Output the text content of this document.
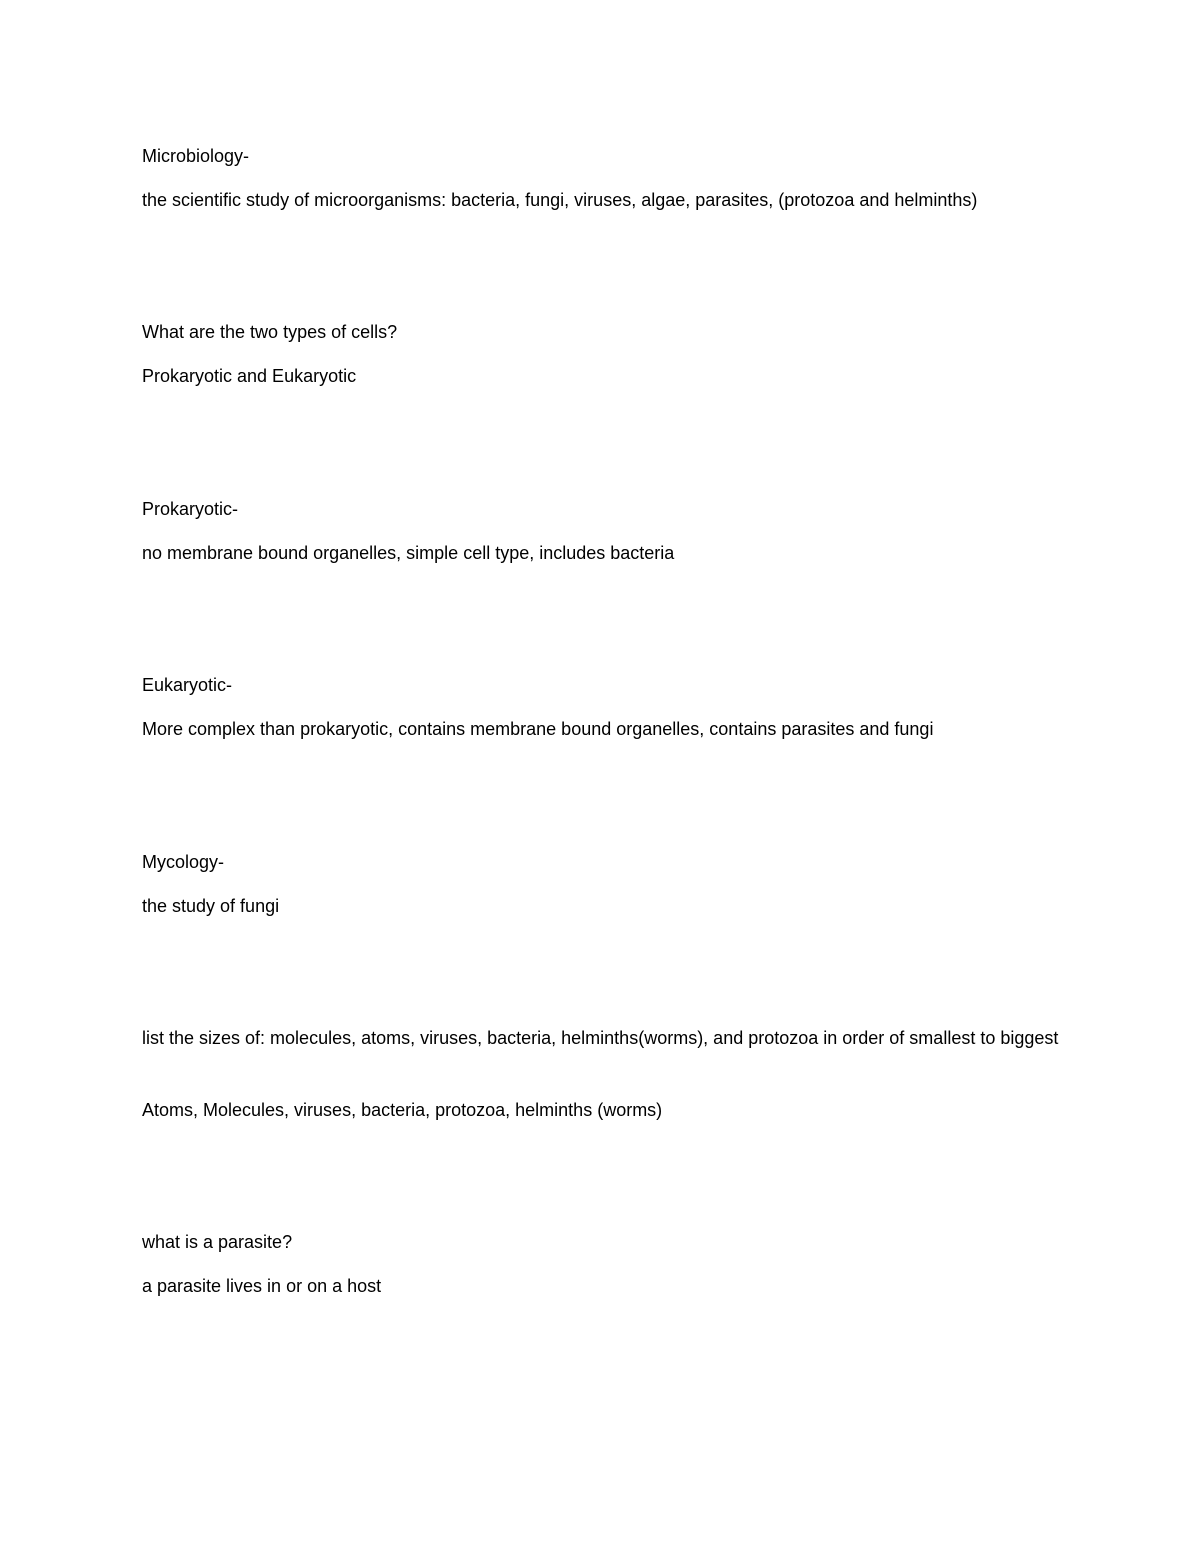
Microbiology-
the scientific study of microorganisms: bacteria, fungi, viruses, algae, parasites, (protozoa and helminths)
What are the two types of cells?
Prokaryotic and Eukaryotic
Prokaryotic-
no membrane bound organelles, simple cell type, includes bacteria
Eukaryotic-
More complex than prokaryotic, contains membrane bound organelles, contains parasites and fungi
Mycology-
the study of fungi
list the sizes of: molecules, atoms, viruses, bacteria, helminths(worms), and protozoa in order of smallest to biggest
Atoms, Molecules, viruses, bacteria, protozoa, helminths (worms)
what is a parasite?
a parasite lives in or on a host
